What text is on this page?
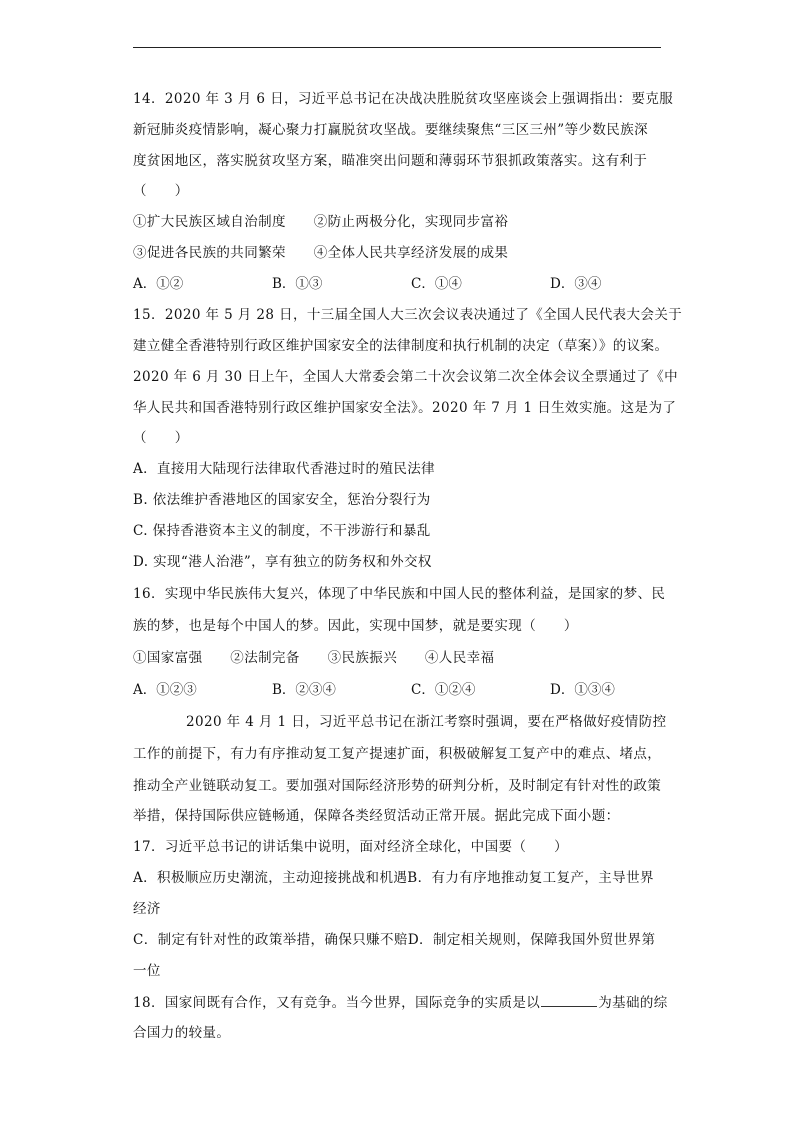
14．2020 年 3 月 6 日，习近平总书记在决战决胜脱贫攻坚座谈会上强调指出：要克服
新冠肺炎疫情影响，凝心聚力打赢脱贫攻坚战。要继续聚焦“三区三州”等少数民族深
度贫困地区，落实脱贫攻坚方案，瞄准突出问题和薄弱环节狠抓政策落实。这有利于
（　　）
①扩大民族区域自治制度　　②防止两极分化，实现同步富裕
③促进各民族的共同繁荣　　④全体人民共享经济发展的成果
A．①②	B．①③	C．①④	D．③④
15．2020 年 5 月 28 日，十三届全国人大三次会议表决通过了《全国人民代表大会关于
建立健全香港特别行政区维护国家安全的法律制度和执行机制的决定（草案）》的议案。
2020 年 6 月 30 日上午，全国人大常委会第二十次会议第二次全体会议全票通过了《中
华人民共和国香港特别行政区维护国家安全法》。2020 年 7 月 1 日生效实施。这是为了
（　　）
A．直接用大陆现行法律取代香港过时的殖民法律
B. 依法维护香港地区的国家安全，惩治分裂行为
C. 保持香港资本主义的制度，不干涉游行和暴乱
D. 实现“港人治港”，享有独立的防务权和外交权
16．实现中华民族伟大复兴，体现了中华民族和中国人民的整体利益，是国家的梦、民
族的梦，也是每个中国人的梦。因此，实现中国梦，就是要实现（　　）
①国家富强　　②法制完备　　③民族振兴　　④人民幸福
A．①②③	B．②③④	C．①②④	D．①③④
2020 年 4 月 1 日，习近平总书记在浙江考察时强调，要在严格做好疫情防控
工作的前提下，有力有序推动复工复产提速扩面，积极破解复工复产中的难点、堵点，
推动全产业链联动复工。要加强对国际经济形势的研判分析，及时制定有针对性的政策
举措，保持国际供应链畅通，保障各类经贸活动正常开展。据此完成下面小题：
17．习近平总书记的讲话集中说明，面对经济全球化，中国要（　　）
A．积极顺应历史潮流，主动迎接挑战和机遇B．有力有序地推动复工复产，主导世界
经济
C．制定有针对性的政策举措，确保只赚不赔D．制定相关规则，保障我国外贸世界第
一位
18．国家间既有合作，又有竞争。当今世界，国际竞争的实质是以	为基础的综
合国力的较量。
